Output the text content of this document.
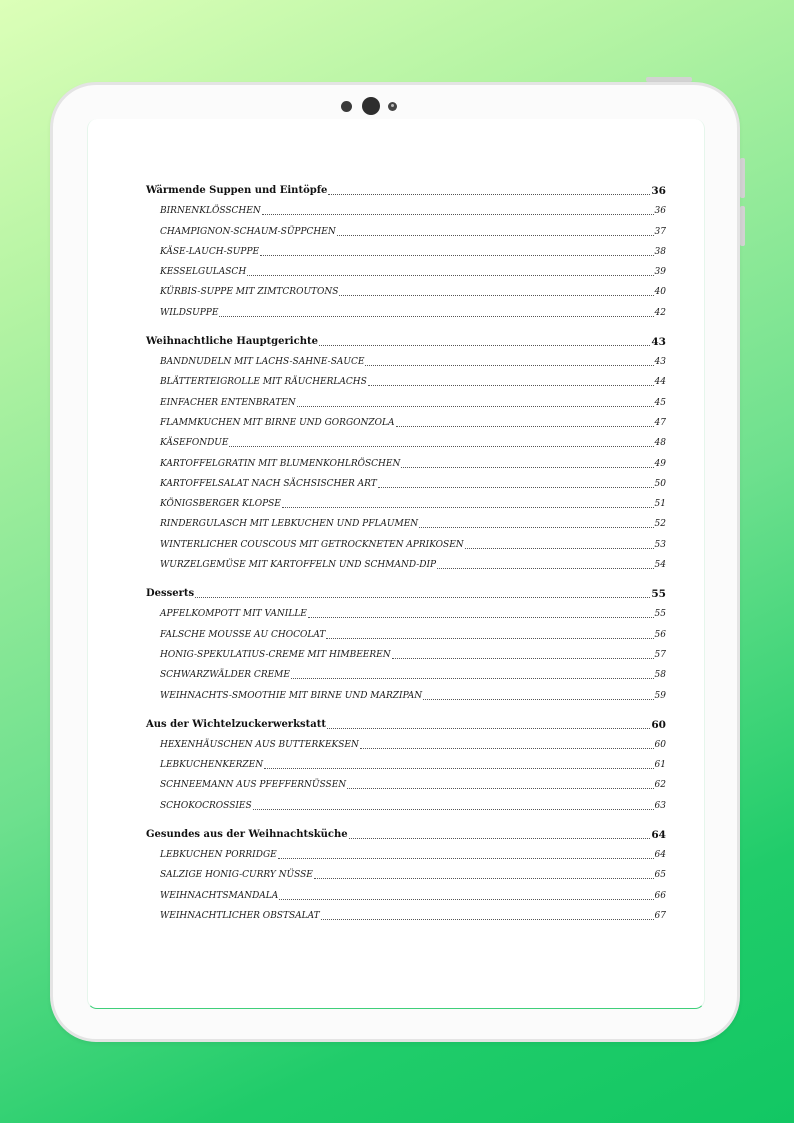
Wärmende Suppen und Eintöpfe	36
BIRNENKLÖSSCHEN	36
CHAMPIGNON-SCHAUM-SÜPPCHEN	37
KÄSE-LAUCH-SUPPE	38
KESSELGULASCH	39
KÜRBIS-SUPPE MIT ZIMTCROUTONS	40
WILDSUPPE	42
Weihnachtliche Hauptgerichte	43
BANDNUDELN MIT LACHS-SAHNE-SAUCE	43
BLÄTTERTEIGROLLE MIT RÄUCHERLACHS	44
EINFACHER ENTENBRATEN	45
FLAMMKUCHEN MIT BIRNE UND GORGONZOLA	47
KÄSEFONDUE	48
KARTOFFELGRATIN MIT BLUMENKOHLRÖSCHEN	49
KARTOFFELSALAT NACH SÄCHSISCHER ART	50
KÖNIGSBERGER KLOPSE	51
RINDERGULASCH MIT LEBKUCHEN UND PFLAUMEN	52
WINTERLICHER COUSCOUS MIT GETROCKNETEN APRIKOSEN	53
WURZELGEMÜSE MIT KARTOFFELN UND SCHMAND-DIP	54
Desserts	55
APFELKOMPOTT MIT VANILLE	55
FALSCHE MOUSSE AU CHOCOLAT	56
HONIG-SPEKULATIUS-CREME MIT HIMBEEREN	57
SCHWARZWÄLDER CREME	58
WEIHNACHTS-SMOOTHIE MIT BIRNE UND MARZIPAN	59
Aus der Wichtelzuckerwerkstatt	60
HEXENHÄUSCHEN AUS BUTTERKEKSEN	60
LEBKUCHENKERZEN	61
SCHNEEMANN AUS PFEFFERNÜSSEN	62
SCHOKOCROSSIES	63
Gesundes aus der Weihnachtsküche	64
LEBKUCHEN PORRIDGE	64
SALZIGE HONIG-CURRY NÜSSE	65
WEIHNACHTSMANDALA	66
WEIHNACHTLICHER OBSTSALAT	67
